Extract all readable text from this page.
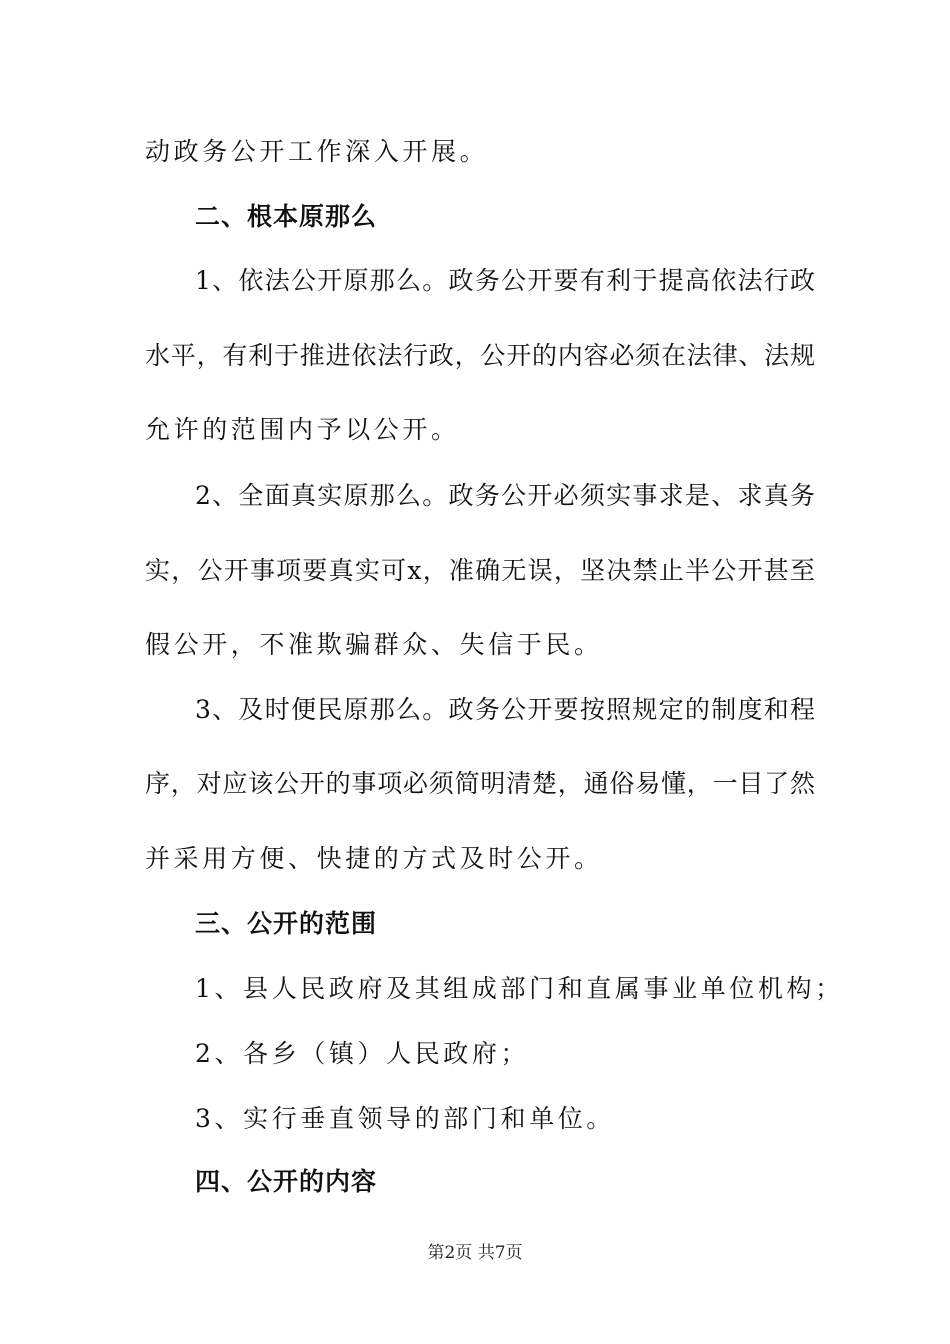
动政务公开工作深入开展。
二、根本原那么
1、依法公开原那么。政务公开要有利于提高依法行政
水平，有利于推进依法行政，公开的内容必须在法律、法规
允许的范围内予以公开。
2、全面真实原那么。政务公开必须实事求是、求真务
实，公开事项要真实可x，准确无误，坚决禁止半公开甚至
假公开，不准欺骗群众、失信于民。
3、及时便民原那么。政务公开要按照规定的制度和程
序，对应该公开的事项必须简明清楚，通俗易懂，一目了然
并采用方便、快捷的方式及时公开。
三、公开的范围
1、县人民政府及其组成部门和直属事业单位机构；
2、各乡（镇）人民政府；
3、实行垂直领导的部门和单位。
四、公开的内容
第2页 共7页
